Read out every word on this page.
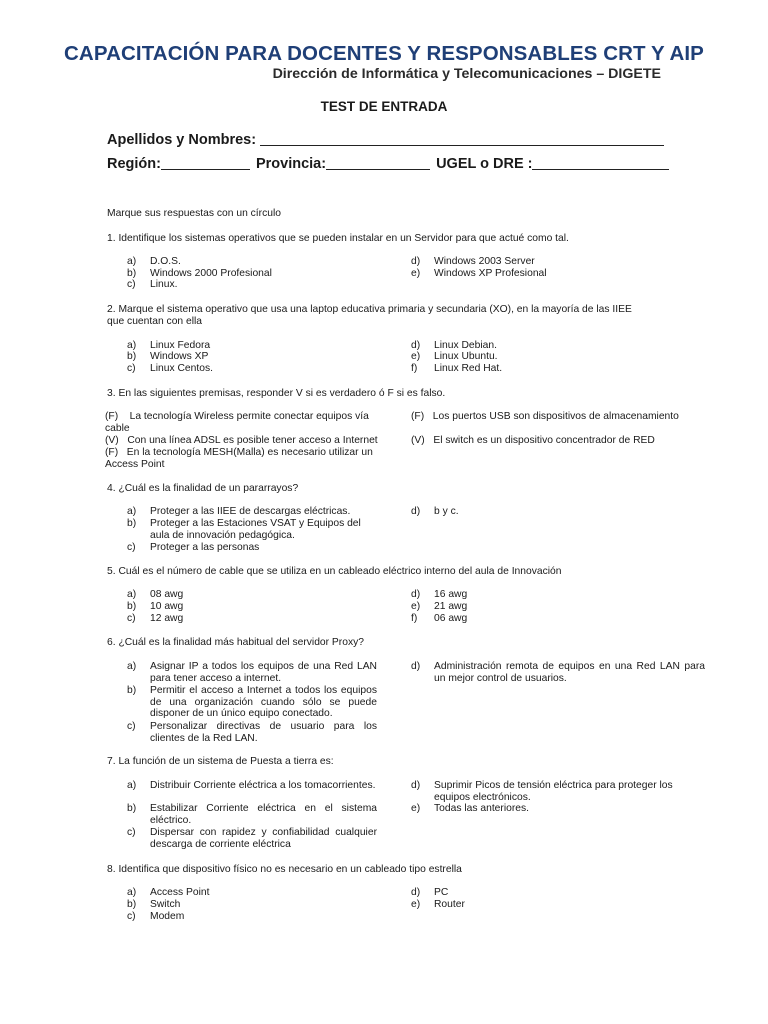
CAPACITACIÓN PARA DOCENTES Y RESPONSABLES CRT Y AIP
Dirección de Informática y Telecomunicaciones – DIGETE
TEST DE ENTRADA
Apellidos y Nombres:
Región:	Provincia:	UGEL o DRE :
Marque sus respuestas con un círculo
1. Identifique los sistemas operativos que se pueden instalar en un Servidor para que actué como tal.
a)	D.O.S.
b)	Windows 2000 Profesional
c)	Linux.
d)	Windows 2003 Server
e)	Windows XP Profesional
2. Marque el sistema operativo que usa una laptop educativa primaria y secundaria (XO), en la mayoría de las IIEE que cuentan con ella
a)	Linux Fedora
b)	Windows XP
c)	Linux Centos.
d)	Linux Debian.
e)	Linux Ubuntu.
f)	Linux Red Hat.
3. En las siguientes premisas, responder V si es verdadero ó F si es falso.
(F) La tecnología Wireless permite conectar equipos vía cable
(V) Con una línea ADSL es posible tener acceso a Internet
(F) En la tecnología MESH(Malla) es necesario utilizar un Access Point
(F) Los puertos USB son dispositivos de almacenamiento
(V) El switch es un dispositivo concentrador de RED
4. ¿Cuál es la finalidad de un pararrayos?
a)	Proteger a las IIEE de descargas eléctricas.
b) Proteger a las Estaciones VSAT y Equipos del aula de innovación pedagógica.
c)	Proteger a las personas
d)	b y c.
5. Cuál es el número de cable que se utiliza en un cableado eléctrico interno del aula de Innovación
a)	08 awg
b)	10 awg
c)	12 awg
d)	16 awg
e)	21 awg
f)	06 awg
6. ¿Cuál es la finalidad más habitual del servidor Proxy?
a) Asignar IP a todos los equipos de una Red LAN para tener acceso a internet.
b) Permitir el acceso a Internet a todos los equipos de una organización cuando sólo se puede disponer de un único equipo conectado.
c) Personalizar directivas de usuario para los clientes de la Red LAN.
d) Administración remota de equipos en una Red LAN para un mejor control de usuarios.
7. La función de un sistema de Puesta a tierra es:
a)	Distribuir Corriente eléctrica a los tomacorrientes.
b) Estabilizar Corriente eléctrica en el sistema eléctrico.
c) Dispersar con rapidez y confiabilidad cualquier descarga de corriente eléctrica
d) Suprimir Picos de tensión eléctrica para proteger los equipos electrónicos.
e)	Todas las anteriores.
8. Identifica que dispositivo físico no es necesario en un cableado tipo estrella
a)	Access Point
b)	Switch
c)	Modem
d)	PC
e)	Router
